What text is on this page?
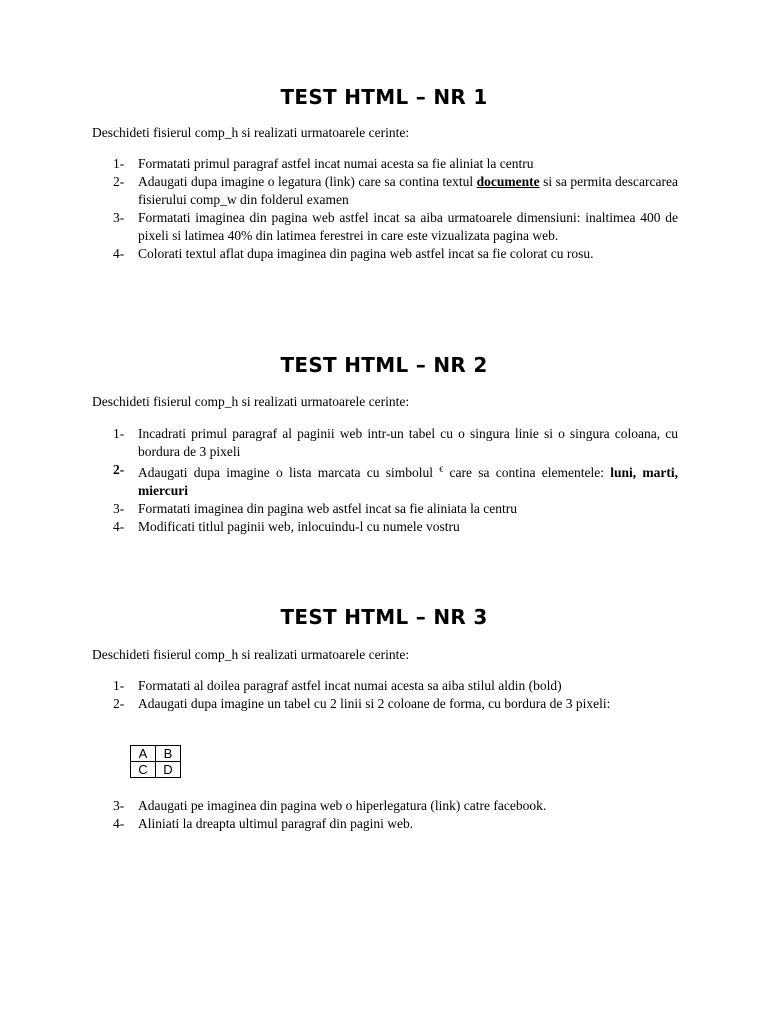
TEST HTML – NR 1

Deschideti fisierul comp_h si realizati urmatoarele cerinte:

1-	Formatati primul paragraf astfel incat numai acesta sa fie aliniat la centru
2-	Adaugati dupa imagine o legatura (link) care sa contina textul documente si sa permita descarcarea fisierului comp_w din folderul examen
3-	Formatati imaginea din pagina web astfel incat sa aiba urmatoarele dimensiuni: inaltimea 400 de pixeli si latimea 40% din latimea ferestrei in care este vizualizata pagina web.
4-	Colorati textul aflat dupa imaginea din pagina web astfel incat sa fie colorat cu rosu.
TEST HTML – NR 2

Deschideti fisierul comp_h si realizati urmatoarele cerinte:

1-	Incadrati primul paragraf al paginii web intr-un tabel cu o singura linie si o singura coloana, cu bordura de 3 pixeli
2-	Adaugati dupa imagine o lista marcata cu simbolul € care sa contina elementele: luni, marti, miercuri
3-	Formatati imaginea din pagina web astfel incat sa fie aliniata la centru
4-	Modificati titlul paginii web, inlocuindu-l cu numele vostru
TEST HTML – NR 3

Deschideti fisierul comp_h si realizati urmatoarele cerinte:

1-	Formatati al doilea paragraf astfel incat numai acesta sa aiba stilul aldin (bold)
2-	Adaugati dupa imagine un tabel cu 2 linii si 2 coloane de forma, cu bordura de 3 pixeli:
A	B
C	D
3-	Adaugati pe imaginea din pagina web o hiperlegatura (link) catre facebook.
4-	Aliniati la dreapta ultimul paragraf din pagini web.
